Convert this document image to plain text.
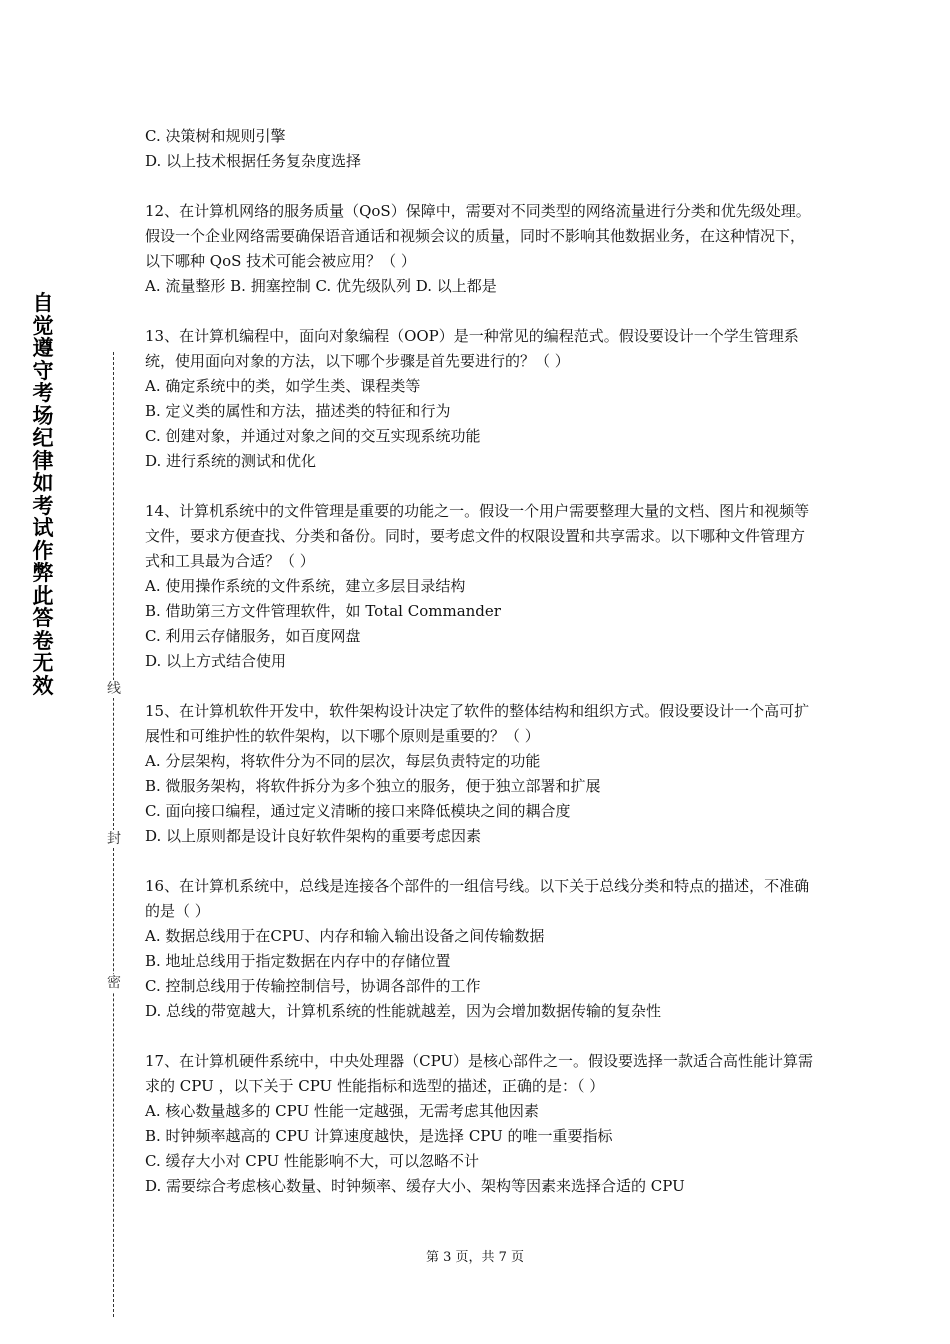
自觉遵守考场纪律如考试作弊此答卷无效	线
封
密

C. 决策树和规则引擎

D. 以上技术根据任务复杂度选择

12、在计算机网络的服务质量（QoS）保障中，需要对不同类型的网络流量进行分类和优先级处理。假设一个企业网络需要确保语音通话和视频会议的质量，同时不影响其他数据业务，在这种情况下，以下哪种 QoS 技术可能会被应用？（ ）

A. 流量整形 B. 拥塞控制 C. 优先级队列 D. 以上都是

13、在计算机编程中，面向对象编程（OOP）是一种常见的编程范式。假设要设计一个学生管理系统，使用面向对象的方法，以下哪个步骤是首先要进行的？（ ）

A. 确定系统中的类，如学生类、课程类等

B. 定义类的属性和方法，描述类的特征和行为

C. 创建对象，并通过对象之间的交互实现系统功能

D. 进行系统的测试和优化

14、计算机系统中的文件管理是重要的功能之一。假设一个用户需要整理大量的文档、图片和视频等文件，要求方便查找、分类和备份。同时，要考虑文件的权限设置和共享需求。以下哪种文件管理方式和工具最为合适？（ ）

A. 使用操作系统的文件系统，建立多层目录结构

B. 借助第三方文件管理软件，如 Total Commander

C. 利用云存储服务，如百度网盘

D. 以上方式结合使用

15、在计算机软件开发中，软件架构设计决定了软件的整体结构和组织方式。假设要设计一个高可扩展性和可维护性的软件架构，以下哪个原则是重要的？（ ）

A. 分层架构，将软件分为不同的层次，每层负责特定的功能

B. 微服务架构，将软件拆分为多个独立的服务，便于独立部署和扩展

C. 面向接口编程，通过定义清晰的接口来降低模块之间的耦合度

D. 以上原则都是设计良好软件架构的重要考虑因素

16、在计算机系统中，总线是连接各个部件的一组信号线。以下关于总线分类和特点的描述，不准确的是（ ）

A. 数据总线用于在CPU、内存和输入输出设备之间传输数据

B. 地址总线用于指定数据在内存中的存储位置

C. 控制总线用于传输控制信号，协调各部件的工作

D. 总线的带宽越大，计算机系统的性能就越差，因为会增加数据传输的复杂性

17、在计算机硬件系统中，中央处理器（CPU）是核心部件之一。假设要选择一款适合高性能计算需求的 CPU ，以下关于 CPU 性能指标和选型的描述，正确的是：（ ）

A. 核心数量越多的 CPU 性能一定越强，无需考虑其他因素

B. 时钟频率越高的 CPU 计算速度越快，是选择 CPU 的唯一重要指标

C. 缓存大小对 CPU 性能影响不大，可以忽略不计

D. 需要综合考虑核心数量、时钟频率、缓存大小、架构等因素来选择合适的 CPU

第 3 页，共 7 页
